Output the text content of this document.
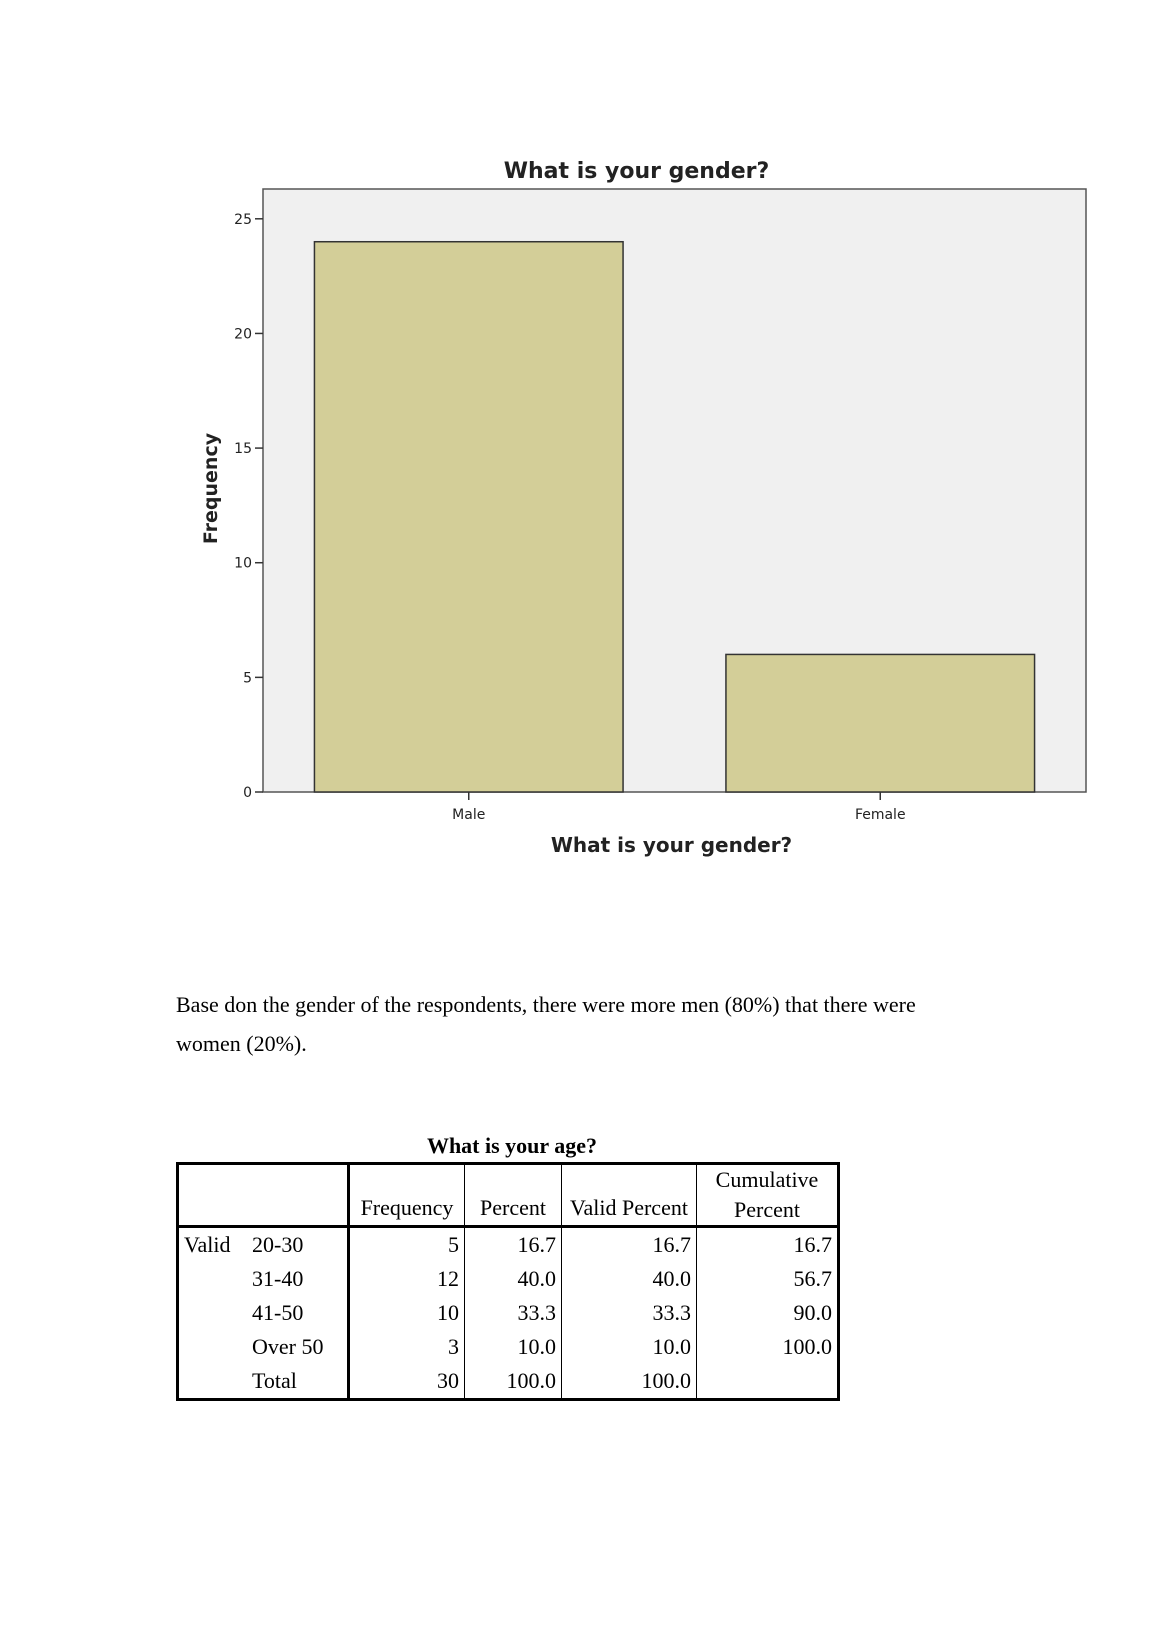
Male	Female
0
5
10
15
20
25
What is your gender?
What is your gender?
Frequency
Base don the gender of the respondents, there were more men (80%) that there were
women (20%).
What is your age?
		Frequency	Percent	Valid Percent	Cumulative
Percent

Valid	20-30	5	16.7	16.7	16.7
	31-40	12	40.0	40.0	56.7
	41-50	10	33.3	33.3	90.0
	Over 50	3	10.0	10.0	100.0
	Total	30	100.0	100.0	
